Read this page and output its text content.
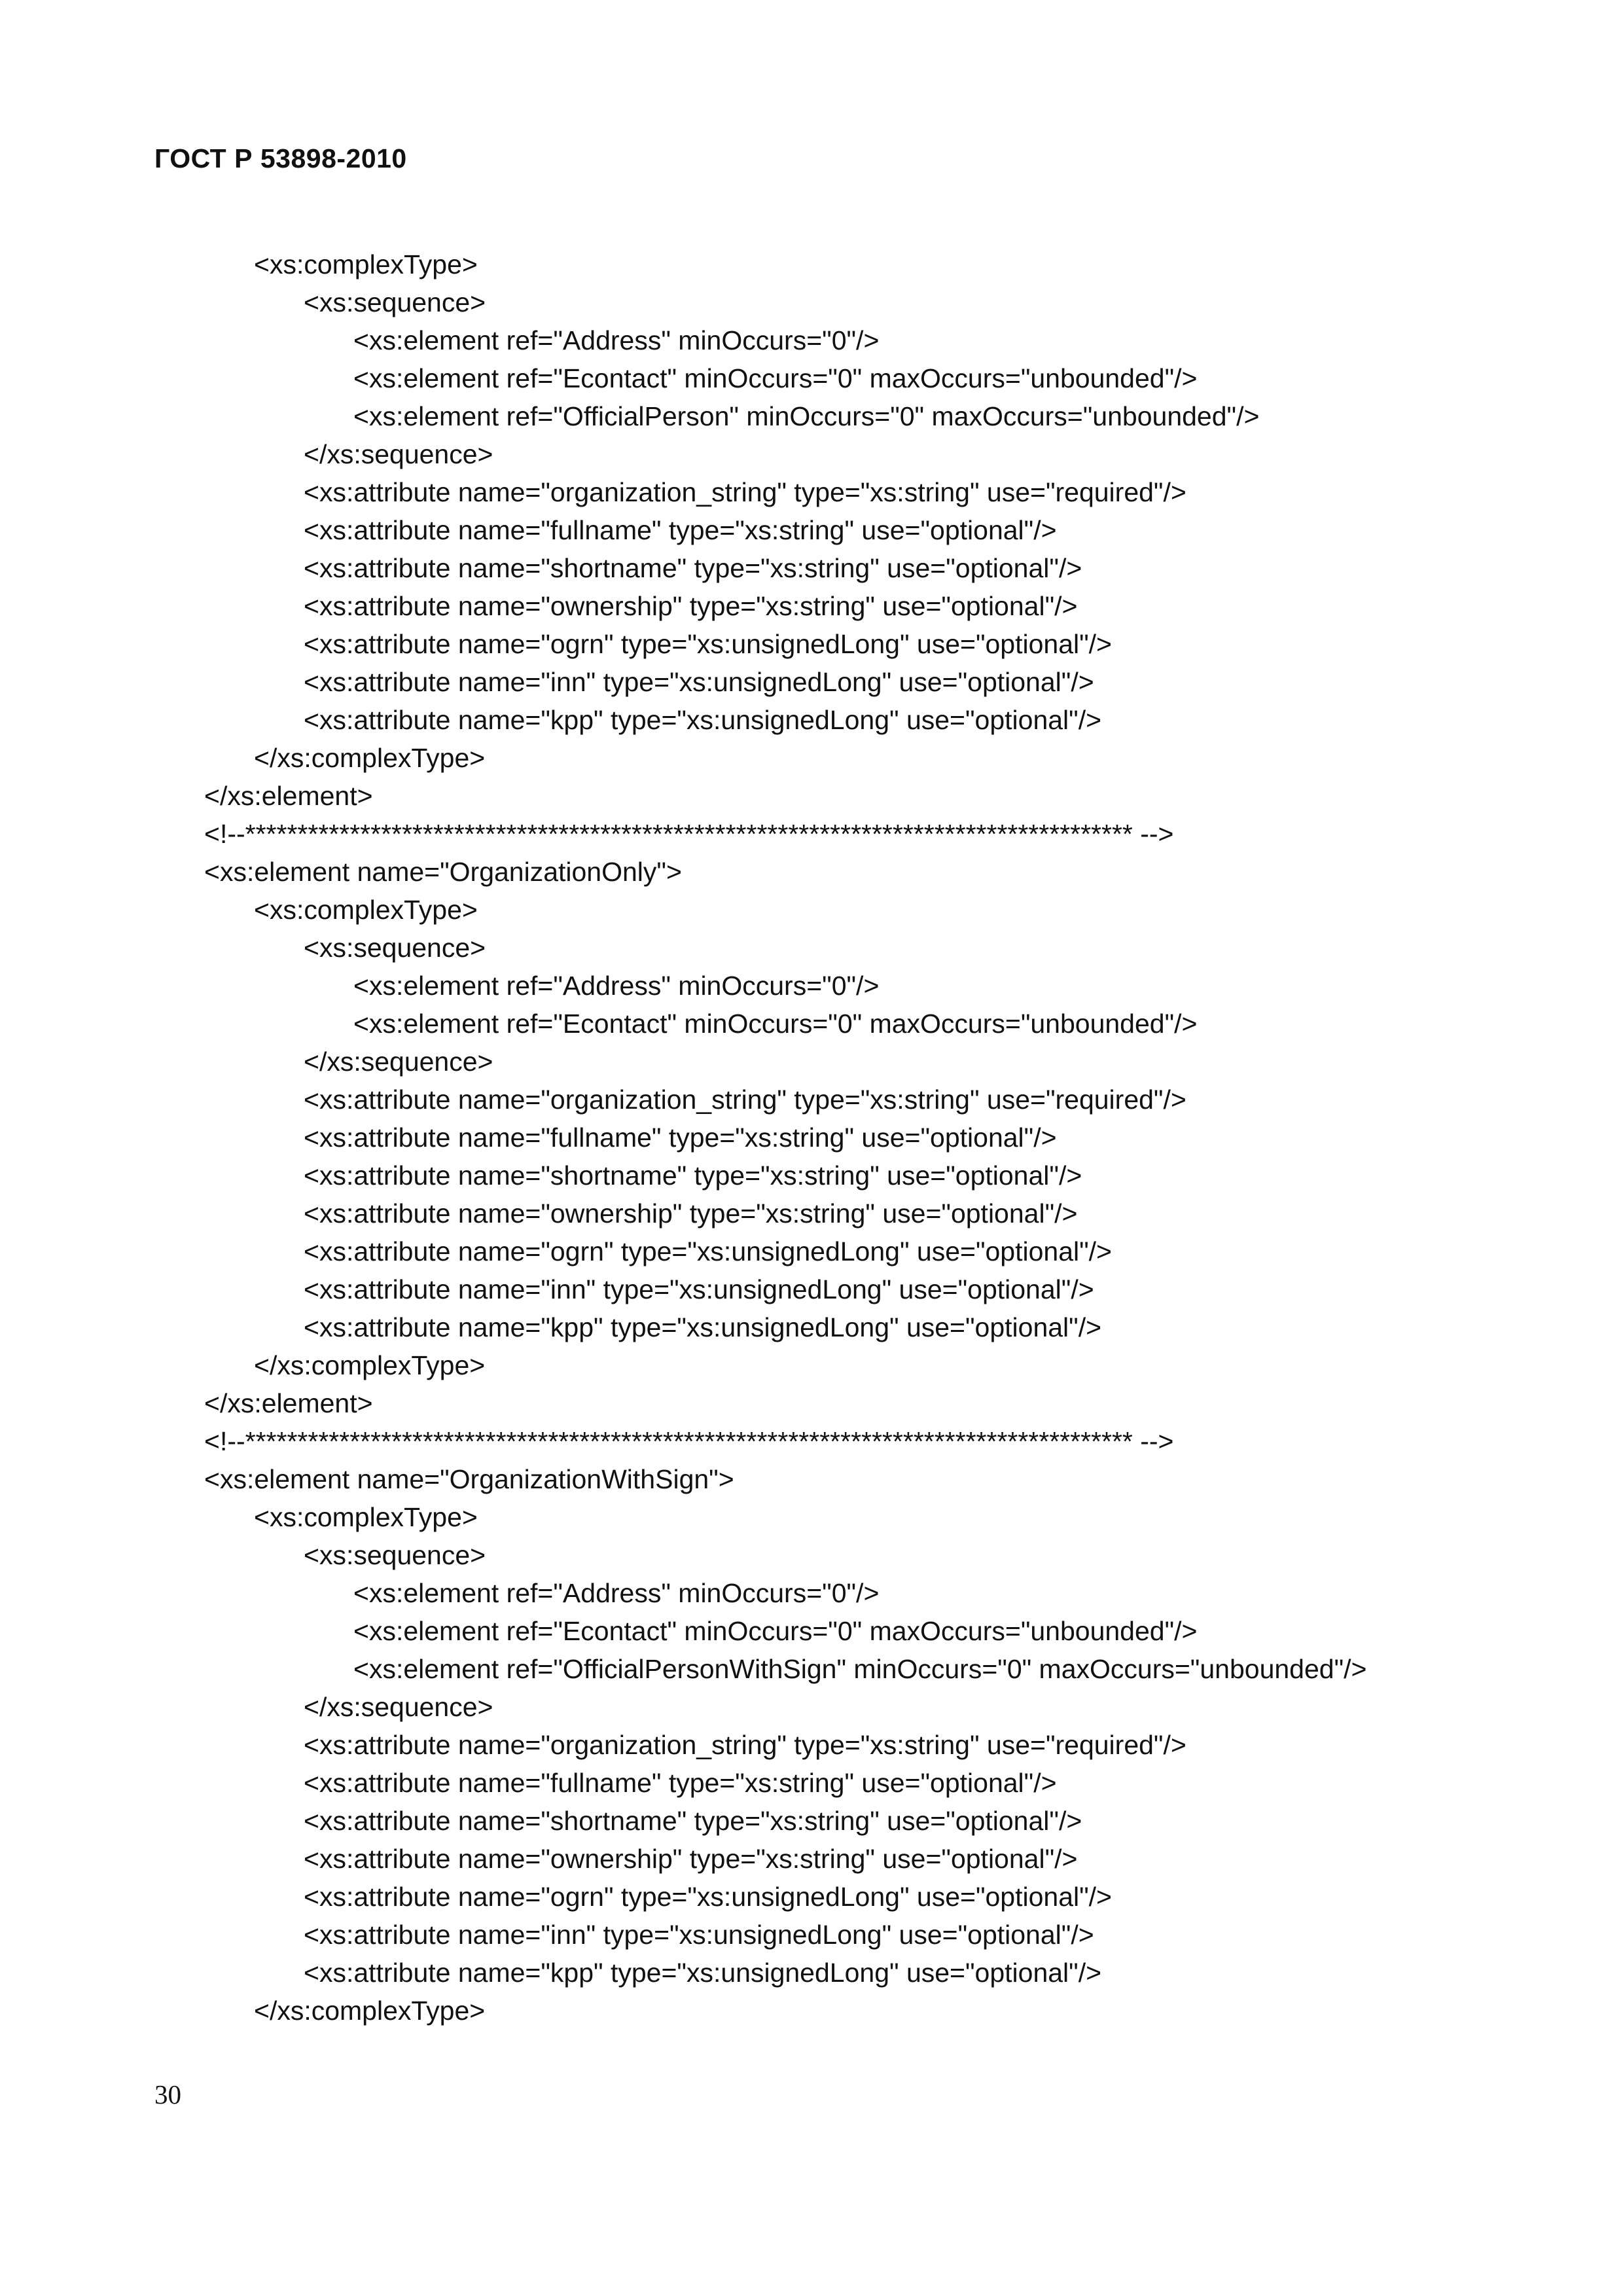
ГОСТ Р 53898-2010
<xs:complexType>
<xs:sequence>
<xs:element ref="Address" minOccurs="0"/>
<xs:element ref="Econtact" minOccurs="0" maxOccurs="unbounded"/>
<xs:element ref="OfficialPerson" minOccurs="0" maxOccurs="unbounded"/>
</xs:sequence>
<xs:attribute name="organization_string" type="xs:string" use="required"/>
<xs:attribute name="fullname" type="xs:string" use="optional"/>
<xs:attribute name="shortname" type="xs:string" use="optional"/>
<xs:attribute name="ownership" type="xs:string" use="optional"/>
<xs:attribute name="ogrn" type="xs:unsignedLong" use="optional"/>
<xs:attribute name="inn" type="xs:unsignedLong" use="optional"/>
<xs:attribute name="kpp" type="xs:unsignedLong" use="optional"/>
</xs:complexType>
</xs:element>
<!--************************************************************************************* -->
<xs:element name="OrganizationOnly">
<xs:complexType>
<xs:sequence>
<xs:element ref="Address" minOccurs="0"/>
<xs:element ref="Econtact" minOccurs="0" maxOccurs="unbounded"/>
</xs:sequence>
<xs:attribute name="organization_string" type="xs:string" use="required"/>
<xs:attribute name="fullname" type="xs:string" use="optional"/>
<xs:attribute name="shortname" type="xs:string" use="optional"/>
<xs:attribute name="ownership" type="xs:string" use="optional"/>
<xs:attribute name="ogrn" type="xs:unsignedLong" use="optional"/>
<xs:attribute name="inn" type="xs:unsignedLong" use="optional"/>
<xs:attribute name="kpp" type="xs:unsignedLong" use="optional"/>
</xs:complexType>
</xs:element>
<!--************************************************************************************* -->
<xs:element name="OrganizationWithSign">
<xs:complexType>
<xs:sequence>
<xs:element ref="Address" minOccurs="0"/>
<xs:element ref="Econtact" minOccurs="0" maxOccurs="unbounded"/>
<xs:element ref="OfficialPersonWithSign" minOccurs="0" maxOccurs="unbounded"/>
</xs:sequence>
<xs:attribute name="organization_string" type="xs:string" use="required"/>
<xs:attribute name="fullname" type="xs:string" use="optional"/>
<xs:attribute name="shortname" type="xs:string" use="optional"/>
<xs:attribute name="ownership" type="xs:string" use="optional"/>
<xs:attribute name="ogrn" type="xs:unsignedLong" use="optional"/>
<xs:attribute name="inn" type="xs:unsignedLong" use="optional"/>
<xs:attribute name="kpp" type="xs:unsignedLong" use="optional"/>
</xs:complexType>
30
